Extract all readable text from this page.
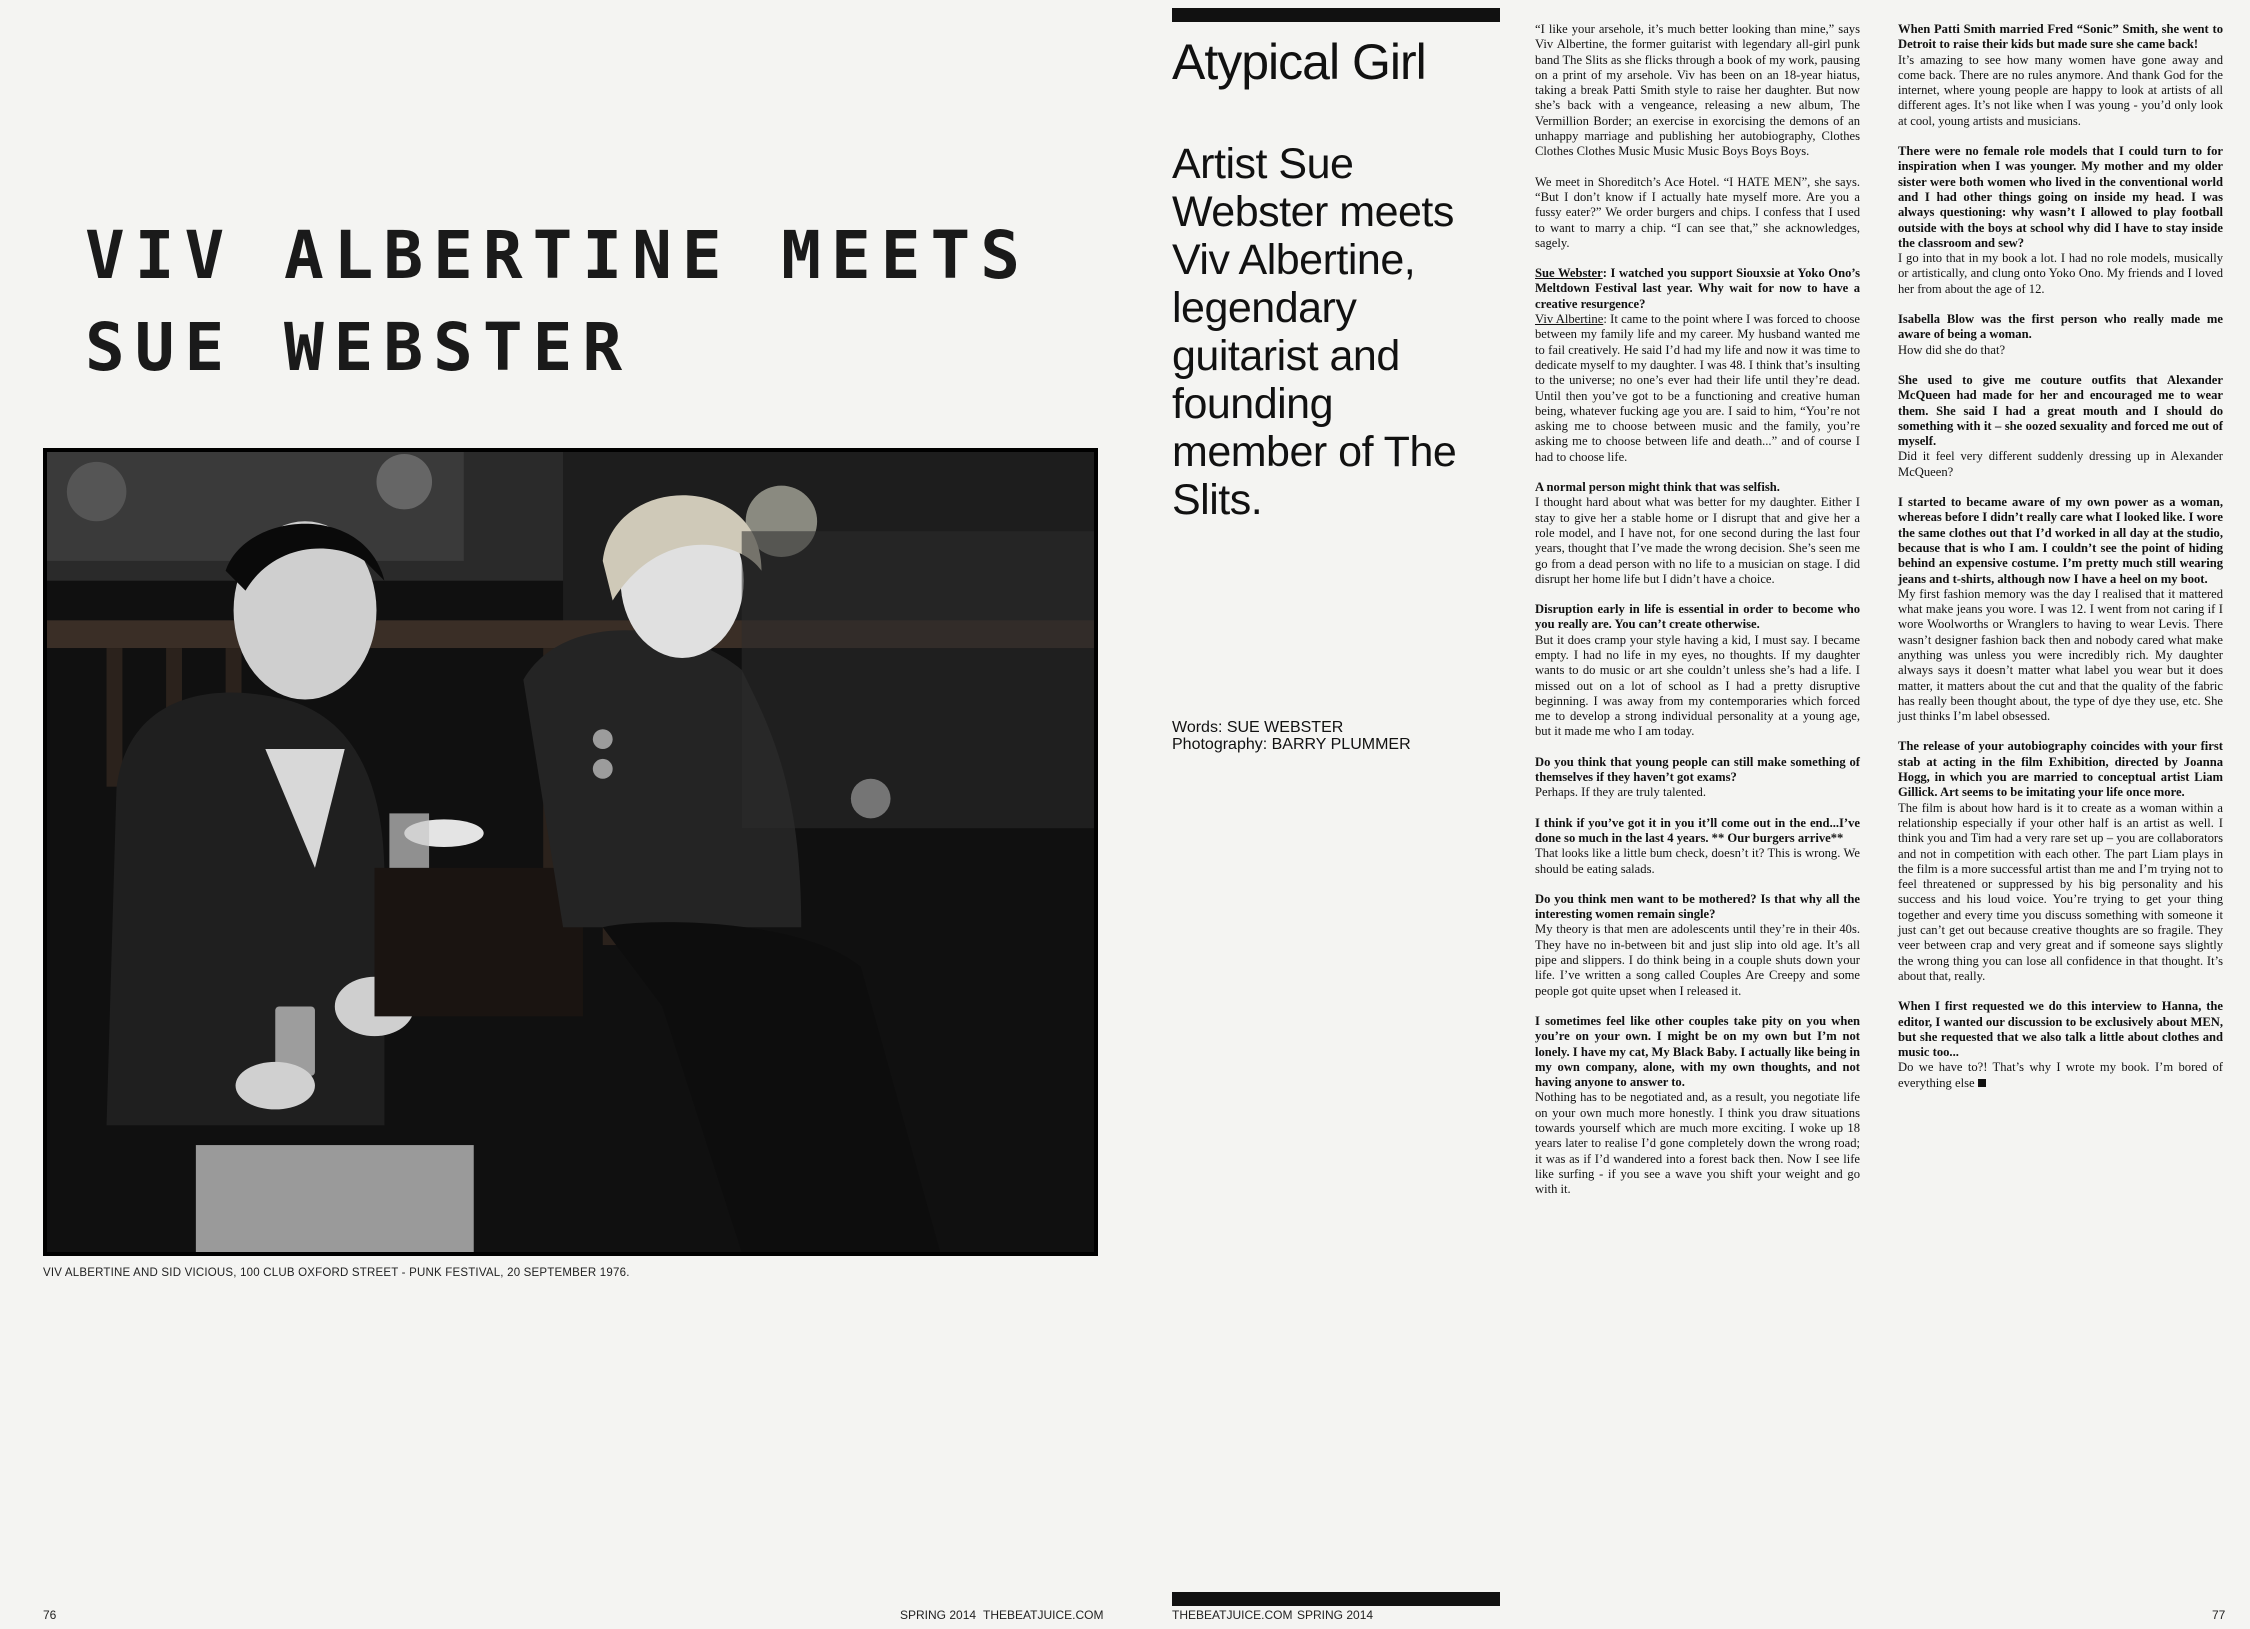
VIV ALBERTINE MEETS
SUE WEBSTER
VIV ALBERTINE AND SID VICIOUS, 100 CLUB OXFORD STREET - PUNK FESTIVAL, 20 SEPTEMBER 1976.
76	SPRING 2014 THEBEATJUICE.COM
Atypical Girl
Artist Sue Webster meets Viv Albertine, legendary guitarist and founding member of The Slits.
Words: SUE WEBSTER
Photography: BARRY PLUMMER

“I like your arsehole, it’s much better looking than mine,” says Viv Albertine, the former guitarist with legendary all-girl punk band The Slits as she flicks through a book of my work, pausing on a print of my arsehole. Viv has been on an 18-year hiatus, taking a break Patti Smith style to raise her daughter. But now she’s back with a vengeance, releasing a new album, The Vermillion Border; an exercise in exorcising the demons of an unhappy marriage and publishing her autobiography, Clothes Clothes Clothes Music Music Music Boys Boys Boys.

We meet in Shoreditch’s Ace Hotel. “I HATE MEN”, she says. “But I don’t know if I actually hate myself more. Are you a fussy eater?” We order burgers and chips. I confess that I used to want to marry a chip. “I can see that,” she acknowledges, sagely.

Sue Webster: I watched you support Siouxsie at Yoko Ono’s Meltdown Festival last year. Why wait for now to have a creative resurgence?
Viv Albertine: It came to the point where I was forced to choose between my family life and my career. My husband wanted me to fail creatively. He said I’d had my life and now it was time to dedicate myself to my daughter. I was 48. I think that’s insulting to the universe; no one’s ever had their life until they’re dead. Until then you’ve got to be a functioning and creative human being, whatever fucking age you are. I said to him, “You’re not asking me to choose between music and the family, you’re asking me to choose between life and death...” and of course I had to choose life.

A normal person might think that was selfish.
I thought hard about what was better for my daughter. Either I stay to give her a stable home or I disrupt that and give her a role model, and I have not, for one second during the last four years, thought that I’ve made the wrong decision. She’s seen me go from a dead person with no life to a musician on stage. I did disrupt her home life but I didn’t have a choice.

Disruption early in life is essential in order to become who you really are. You can’t create otherwise.
But it does cramp your style having a kid, I must say. I became empty. I had no life in my eyes, no thoughts. If my daughter wants to do music or art she couldn’t unless she’s had a life. I missed out on a lot of school as I had a pretty disruptive beginning. I was away from my contemporaries which forced me to develop a strong individual personality at a young age, but it made me who I am today.

Do you think that young people can still make something of themselves if they haven’t got exams?
Perhaps. If they are truly talented.

I think if you’ve got it in you it’ll come out in the end...I’ve done so much in the last 4 years. ** Our burgers arrive**
That looks like a little bum check, doesn’t it? This is wrong. We should be eating salads.

Do you think men want to be mothered? Is that why all the interesting women remain single?
My theory is that men are adolescents until they’re in their 40s. They have no in-between bit and just slip into old age. It’s all pipe and slippers. I do think being in a couple shuts down your life. I’ve written a song called Couples Are Creepy and some people got quite upset when I released it.

I sometimes feel like other couples take pity on you when you’re on your own. I might be on my own but I’m not lonely. I have my cat, My Black Baby. I actually like being in my own company, alone, with my own thoughts, and not having anyone to answer to.
Nothing has to be negotiated and, as a result, you negotiate life on your own much more honestly. I think you draw situations towards yourself which are much more exciting. I woke up 18 years later to realise I’d gone completely down the wrong road; it was as if I’d wandered into a forest back then. Now I see life like surfing - if you see a wave you shift your weight and go with it.

When Patti Smith married Fred “Sonic” Smith, she went to Detroit to raise their kids but made sure she came back!
It’s amazing to see how many women have gone away and come back. There are no rules anymore. And thank God for the internet, where young people are happy to look at artists of all different ages. It’s not like when I was young - you’d only look at cool, young artists and musicians.

There were no female role models that I could turn to for inspiration when I was younger. My mother and my older sister were both women who lived in the conventional world and I had other things going on inside my head. I was always questioning: why wasn’t I allowed to play football outside with the boys at school why did I have to stay inside the classroom and sew?
I go into that in my book a lot. I had no role models, musically or artistically, and clung onto Yoko Ono. My friends and I loved her from about the age of 12.

Isabella Blow was the first person who really made me aware of being a woman.
How did she do that?

She used to give me couture outfits that Alexander McQueen had made for her and encouraged me to wear them. She said I had a great mouth and I should do something with it – she oozed sexuality and forced me out of myself.
Did it feel very different suddenly dressing up in Alexander McQueen?

I started to became aware of my own power as a woman, whereas before I didn’t really care what I looked like. I wore the same clothes out that I’d worked in all day at the studio, because that is who I am. I couldn’t see the point of hiding behind an expensive costume. I’m pretty much still wearing jeans and t-shirts, although now I have a heel on my boot.
My first fashion memory was the day I realised that it mattered what make jeans you wore. I was 12. I went from not caring if I wore Woolworths or Wranglers to having to wear Levis. There wasn’t designer fashion back then and nobody cared what make anything was unless you were incredibly rich. My daughter always says it doesn’t matter what label you wear but it does matter, it matters about the cut and that the quality of the fabric has really been thought about, the type of dye they use, etc. She just thinks I’m label obsessed.

The release of your autobiography coincides with your first stab at acting in the film Exhibition, directed by Joanna Hogg, in which you are married to conceptual artist Liam Gillick. Art seems to be imitating your life once more.
The film is about how hard is it to create as a woman within a relationship especially if your other half is an artist as well. I think you and Tim had a very rare set up – you are collaborators and not in competition with each other. The part Liam plays in the film is a more successful artist than me and I’m trying not to feel threatened or suppressed by his big personality and his success and his loud voice. You’re trying to get your thing together and every time you discuss something with someone it just can’t get out because creative thoughts are so fragile. They veer between crap and very great and if someone says slightly the wrong thing you can lose all confidence in that thought. It’s about that, really.

When I first requested we do this interview to Hanna, the editor, I wanted our discussion to be exclusively about MEN, but she requested that we also talk a little about clothes and music too...
Do we have to?! That’s why I wrote my book. I’m bored of everything else

THEBEATJUICE.COM SPRING 2014	77
